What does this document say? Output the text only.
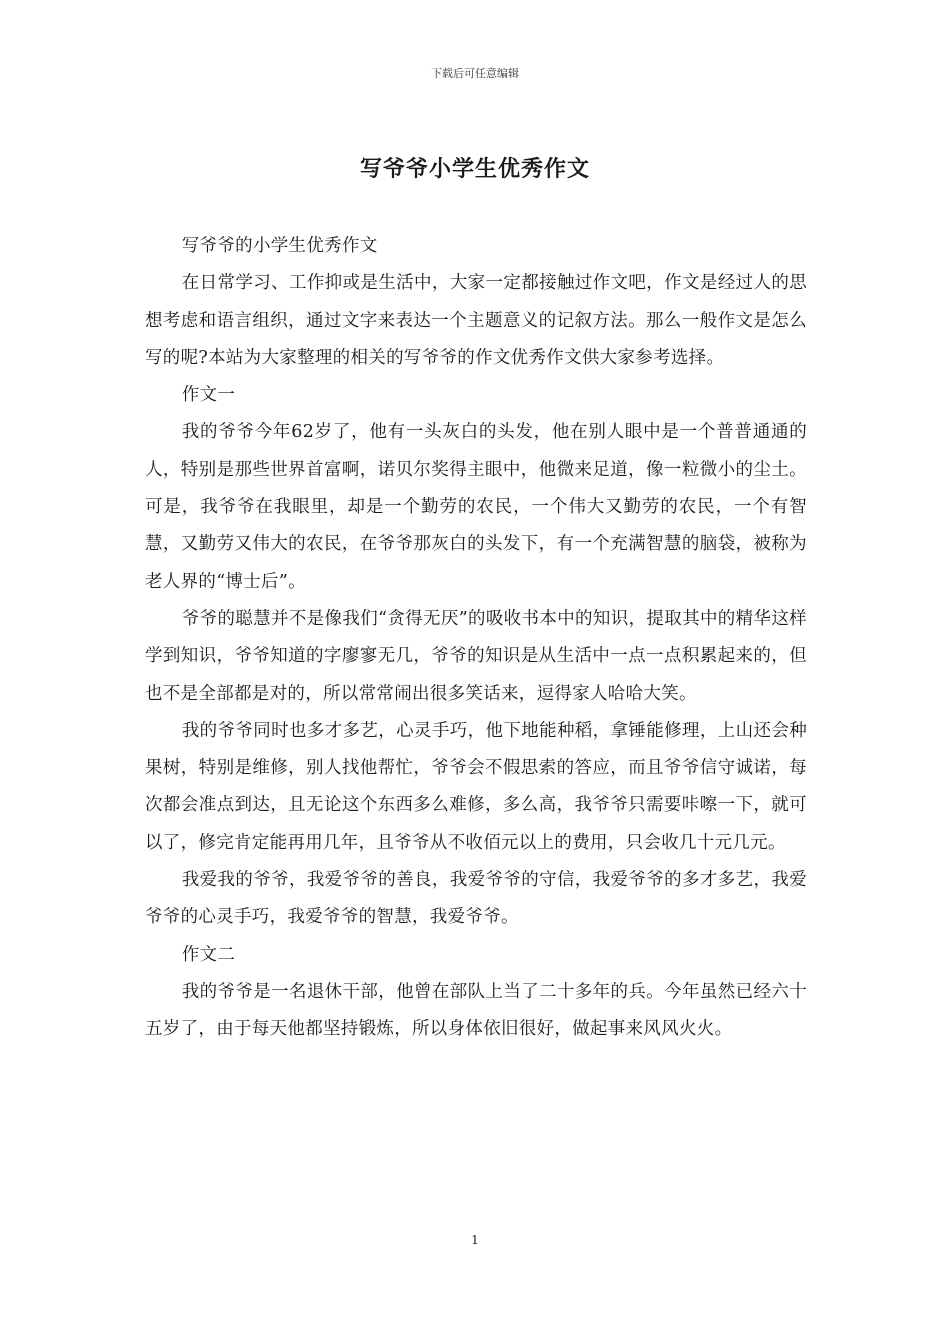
下载后可任意编辑
写爷爷小学生优秀作文

写爷爷的小学生优秀作文

在日常学习、工作抑或是生活中，大家一定都接触过作文吧，作文是经过人的思想考虑和语言组织，通过文字来表达一个主题意义的记叙方法。那么一般作文是怎么写的呢?本站为大家整理的相关的写爷爷的作文优秀作文供大家参考选择。

作文一

我的爷爷今年62岁了，他有一头灰白的头发，他在别人眼中是一个普普通通的人，特别是那些世界首富啊，诺贝尔奖得主眼中，他微来足道，像一粒微小的尘土。可是，我爷爷在我眼里，却是一个勤劳的农民，一个伟大又勤劳的农民，一个有智慧，又勤劳又伟大的农民，在爷爷那灰白的头发下，有一个充满智慧的脑袋，被称为老人界的“博士后”。

爷爷的聪慧并不是像我们“贪得无厌”的吸收书本中的知识，提取其中的精华这样学到知识，爷爷知道的字廖寥无几，爷爷的知识是从生活中一点一点积累起来的，但也不是全部都是对的，所以常常闹出很多笑话来，逗得家人哈哈大笑。

我的爷爷同时也多才多艺，心灵手巧，他下地能种稻，拿锤能修理，上山还会种果树，特别是维修，别人找他帮忙，爷爷会不假思索的答应，而且爷爷信守诚诺，每次都会准点到达，且无论这个东西多么难修，多么高，我爷爷只需要咔嚓一下，就可以了，修完肯定能再用几年，且爷爷从不收佰元以上的费用，只会收几十元几元。

我爱我的爷爷，我爱爷爷的善良，我爱爷爷的守信，我爱爷爷的多才多艺，我爱爷爷的心灵手巧，我爱爷爷的智慧，我爱爷爷。

作文二

我的爷爷是一名退休干部，他曾在部队上当了二十多年的兵。今年虽然已经六十五岁了，由于每天他都坚持锻炼，所以身体依旧很好，做起事来风风火火。

1
